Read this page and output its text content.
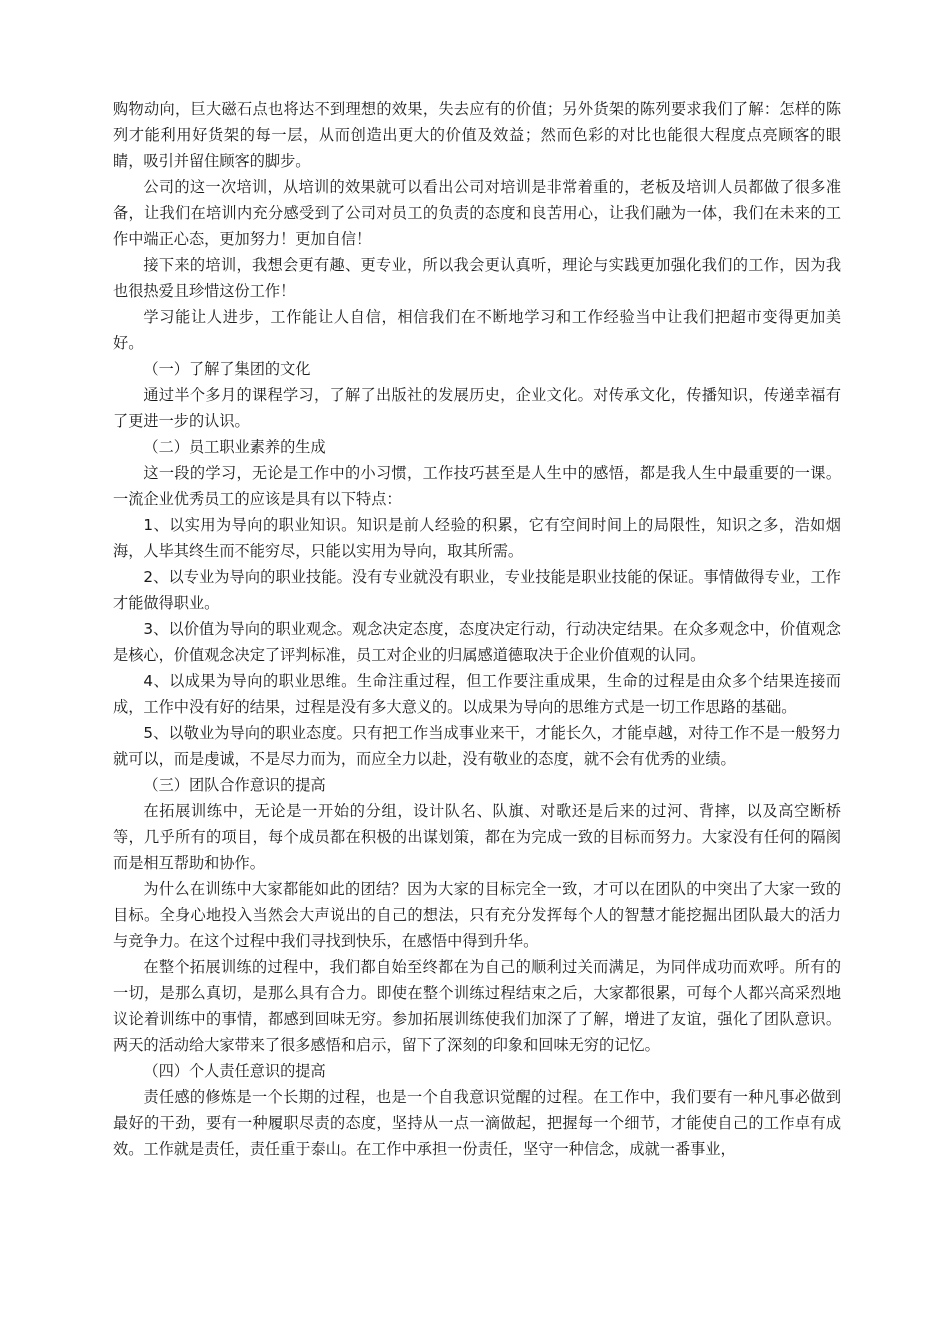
购物动向，巨大磁石点也将达不到理想的效果，失去应有的价值；另外货架的陈列要求我们了解：怎样的陈列才能利用好货架的每一层，从而创造出更大的价值及效益；然而色彩的对比也能很大程度点亮顾客的眼睛，吸引并留住顾客的脚步。

公司的这一次培训，从培训的效果就可以看出公司对培训是非常着重的，老板及培训人员都做了很多准备，让我们在培训内充分感受到了公司对员工的负责的态度和良苦用心，让我们融为一体，我们在未来的工作中端正心态，更加努力！更加自信！

接下来的培训，我想会更有趣、更专业，所以我会更认真听，理论与实践更加强化我们的工作，因为我也很热爱且珍惜这份工作！

学习能让人进步，工作能让人自信，相信我们在不断地学习和工作经验当中让我们把超市变得更加美好。

（一）了解了集团的文化

通过半个多月的课程学习，了解了出版社的发展历史，企业文化。对传承文化，传播知识，传递幸福有了更进一步的认识。

（二）员工职业素养的生成

这一段的学习，无论是工作中的小习惯，工作技巧甚至是人生中的感悟，都是我人生中最重要的一课。一流企业优秀员工的应该是具有以下特点：

1、以实用为导向的职业知识。知识是前人经验的积累，它有空间时间上的局限性，知识之多，浩如烟海，人毕其终生而不能穷尽，只能以实用为导向，取其所需。

2、以专业为导向的职业技能。没有专业就没有职业，专业技能是职业技能的保证。事情做得专业，工作才能做得职业。

3、以价值为导向的职业观念。观念决定态度，态度决定行动，行动决定结果。在众多观念中，价值观念是核心，价值观念决定了评判标准，员工对企业的归属感道德取决于企业价值观的认同。

4、以成果为导向的职业思维。生命注重过程，但工作要注重成果，生命的过程是由众多个结果连接而成，工作中没有好的结果，过程是没有多大意义的。以成果为导向的思维方式是一切工作思路的基础。

5、以敬业为导向的职业态度。只有把工作当成事业来干，才能长久，才能卓越，对待工作不是一般努力就可以，而是虔诚，不是尽力而为，而应全力以赴，没有敬业的态度，就不会有优秀的业绩。

（三）团队合作意识的提高

在拓展训练中，无论是一开始的分组，设计队名、队旗、对歌还是后来的过河、背摔，以及高空断桥等，几乎所有的项目，每个成员都在积极的出谋划策，都在为完成一致的目标而努力。大家没有任何的隔阂而是相互帮助和协作。

为什么在训练中大家都能如此的团结？因为大家的目标完全一致，才可以在团队的中突出了大家一致的目标。全身心地投入当然会大声说出的自己的想法，只有充分发挥每个人的智慧才能挖掘出团队最大的活力与竞争力。在这个过程中我们寻找到快乐，在感悟中得到升华。

在整个拓展训练的过程中，我们都自始至终都在为自己的顺利过关而满足，为同伴成功而欢呼。所有的一切，是那么真切，是那么具有合力。即使在整个训练过程结束之后，大家都很累，可每个人都兴高采烈地议论着训练中的事情，都感到回味无穷。参加拓展训练使我们加深了了解，增进了友谊，强化了团队意识。两天的活动给大家带来了很多感悟和启示，留下了深刻的印象和回味无穷的记忆。

（四）个人责任意识的提高

责任感的修炼是一个长期的过程，也是一个自我意识觉醒的过程。在工作中，我们要有一种凡事必做到最好的干劲，要有一种履职尽责的态度，坚持从一点一滴做起，把握每一个细节，才能使自己的工作卓有成效。工作就是责任，责任重于泰山。在工作中承担一份责任，坚守一种信念，成就一番事业，
